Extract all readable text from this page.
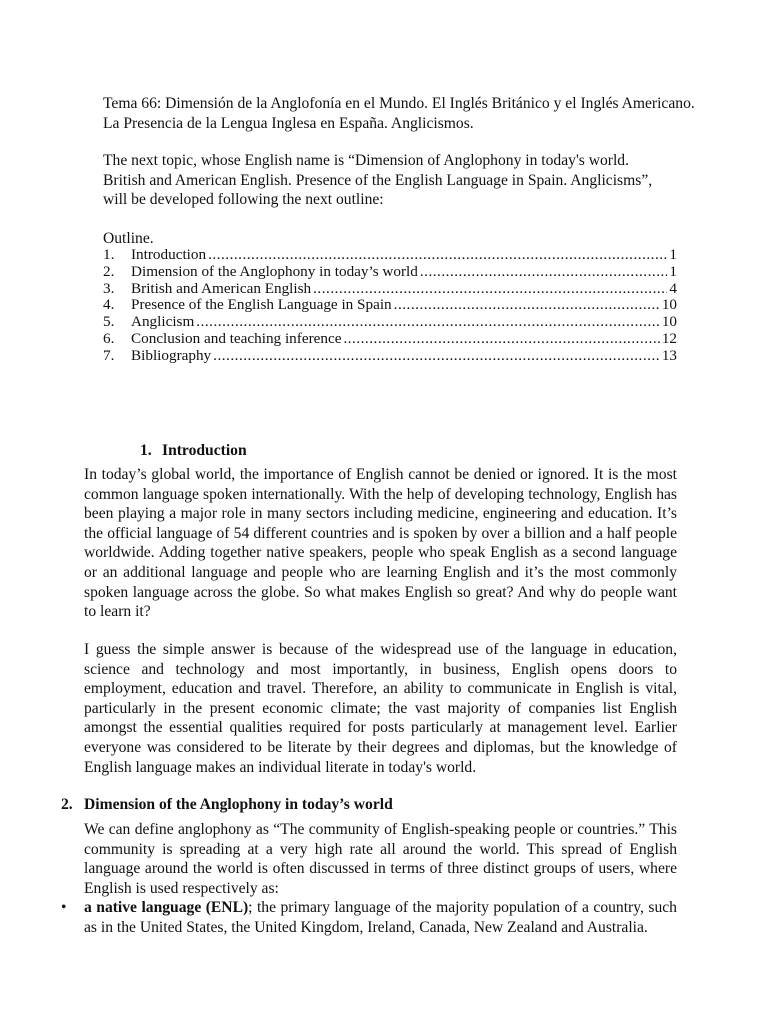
Tema 66: Dimensión de la Anglofonía en el Mundo. El Inglés Británico y el Inglés Americano. La Presencia de la Lengua Inglesa en España. Anglicismos.
The next topic, whose English name is “Dimension of Anglophony in today's world. British and American English. Presence of the English Language in Spain. Anglicisms”, will be developed following the next outline:
Outline.
1.	Introduction .....	1
2.	Dimension of the Anglophony in today’s world .....	1
3.	British and American English .....	4
4.	Presence of the English Language in Spain .....	10
5.	Anglicism .....	10
6.	Conclusion and teaching inference .....	12
7.	Bibliography .....	13
1. Introduction

In today’s global world, the importance of English cannot be denied or ignored. It is the most common language spoken internationally. With the help of developing technology, English has been playing a major role in many sectors including medicine, engineering and education. It’s the official language of 54 different countries and is spoken by over a billion and a half people worldwide. Adding together native speakers, people who speak English as a second language or an additional language and people who are learning English and it’s the most commonly spoken language across the globe. So what makes English so great? And why do people want to learn it?

I guess the simple answer is because of the widespread use of the language in education, science and technology and most importantly, in business, English opens doors to employment, education and travel. Therefore, an ability to communicate in English is vital, particularly in the present economic climate; the vast majority of companies list English amongst the essential qualities required for posts particularly at management level. Earlier everyone was considered to be literate by their degrees and diplomas, but the knowledge of English language makes an individual literate in today's world.

2. Dimension of the Anglophony in today’s world

We can define anglophony as “The community of English-speaking people or countries.” This community is spreading at a very high rate all around the world. This spread of English language around the world is often discussed in terms of three distinct groups of users, where English is used respectively as:

•	a native language (ENL); the primary language of the majority population of a country, such as in the United States, the United Kingdom, Ireland, Canada, New Zealand and Australia.
